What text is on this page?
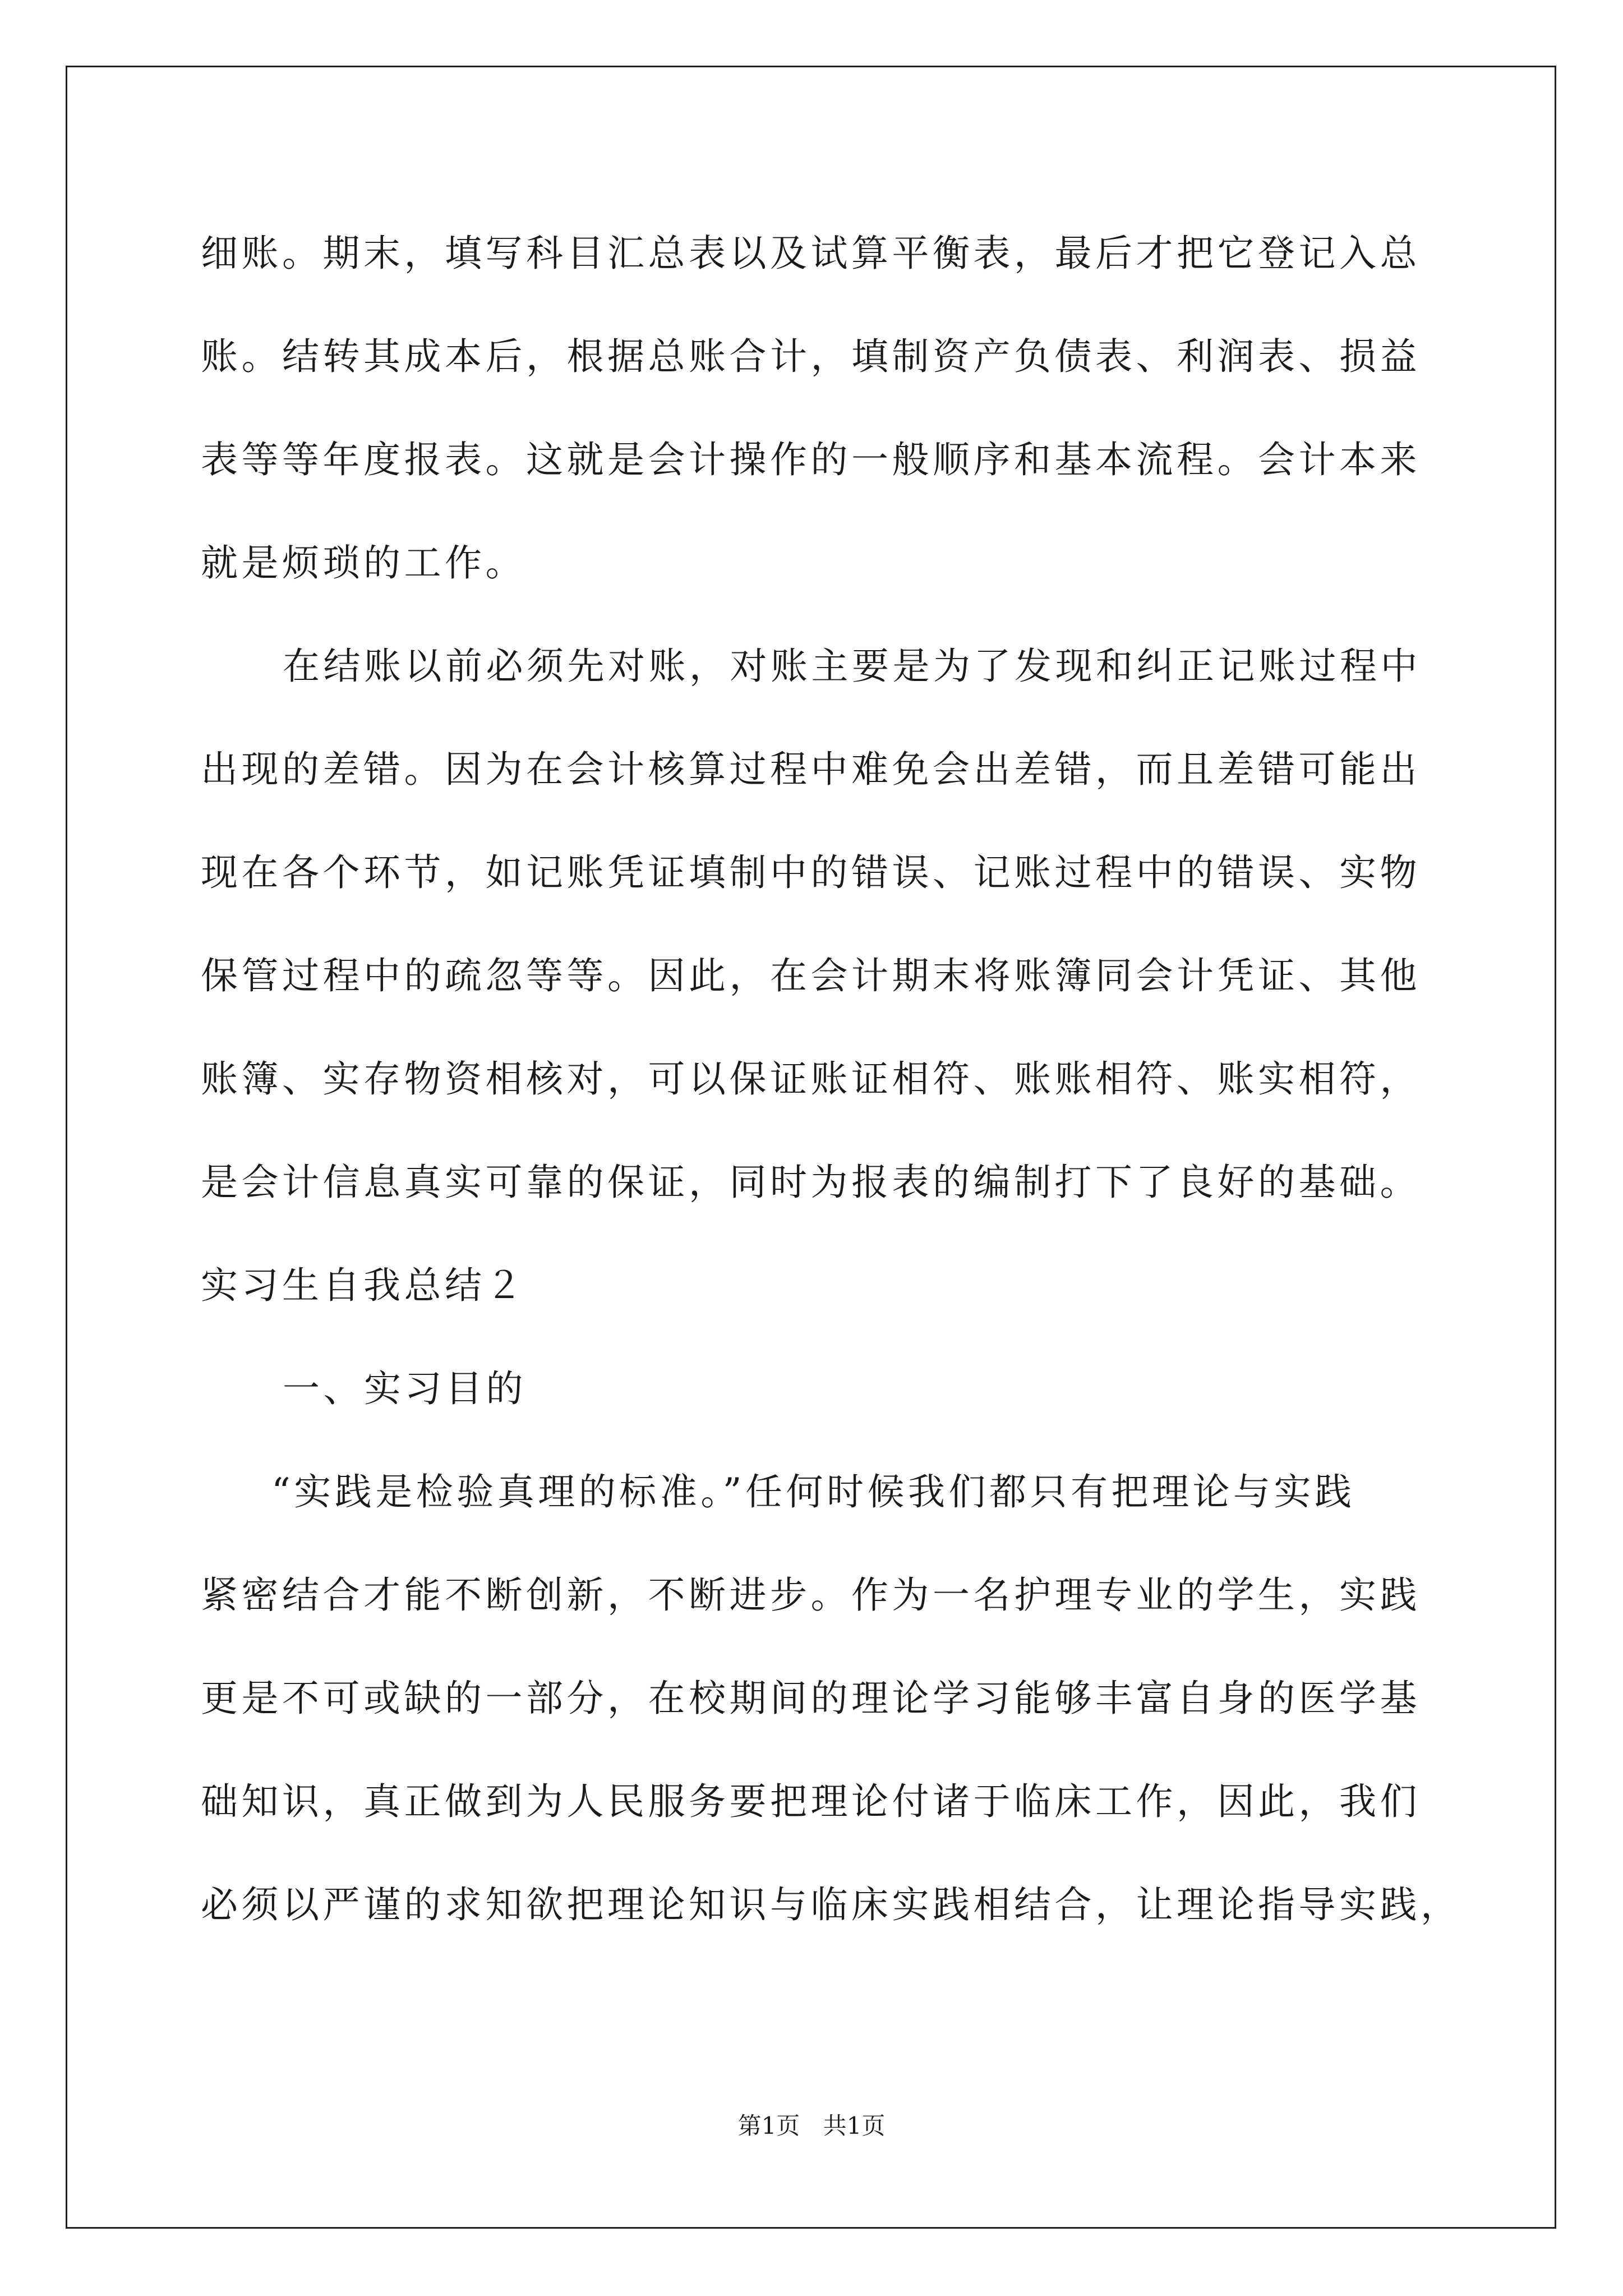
细账。期末，填写科目汇总表以及试算平衡表，最后才把它登记入总
账。结转其成本后，根据总账合计，填制资产负债表、利润表、损益
表等等年度报表。这就是会计操作的一般顺序和基本流程。会计本来
就是烦琐的工作。
在结账以前必须先对账，对账主要是为了发现和纠正记账过程中
出现的差错。因为在会计核算过程中难免会出差错，而且差错可能出
现在各个环节，如记账凭证填制中的错误、记账过程中的错误、实物
保管过程中的疏忽等等。因此，在会计期末将账簿同会计凭证、其他
账簿、实存物资相核对，可以保证账证相符、账账相符、账实相符，
是会计信息真实可靠的保证，同时为报表的编制打下了良好的基础。
实习生自我总结２
一、实习目的
“实践是检验真理的标准。”任何时候我们都只有把理论与实践
紧密结合才能不断创新，不断进步。作为一名护理专业的学生，实践
更是不可或缺的一部分，在校期间的理论学习能够丰富自身的医学基
础知识，真正做到为人民服务要把理论付诸于临床工作，因此，我们
必须以严谨的求知欲把理论知识与临床实践相结合，让理论指导实践，
第1页 共1页
